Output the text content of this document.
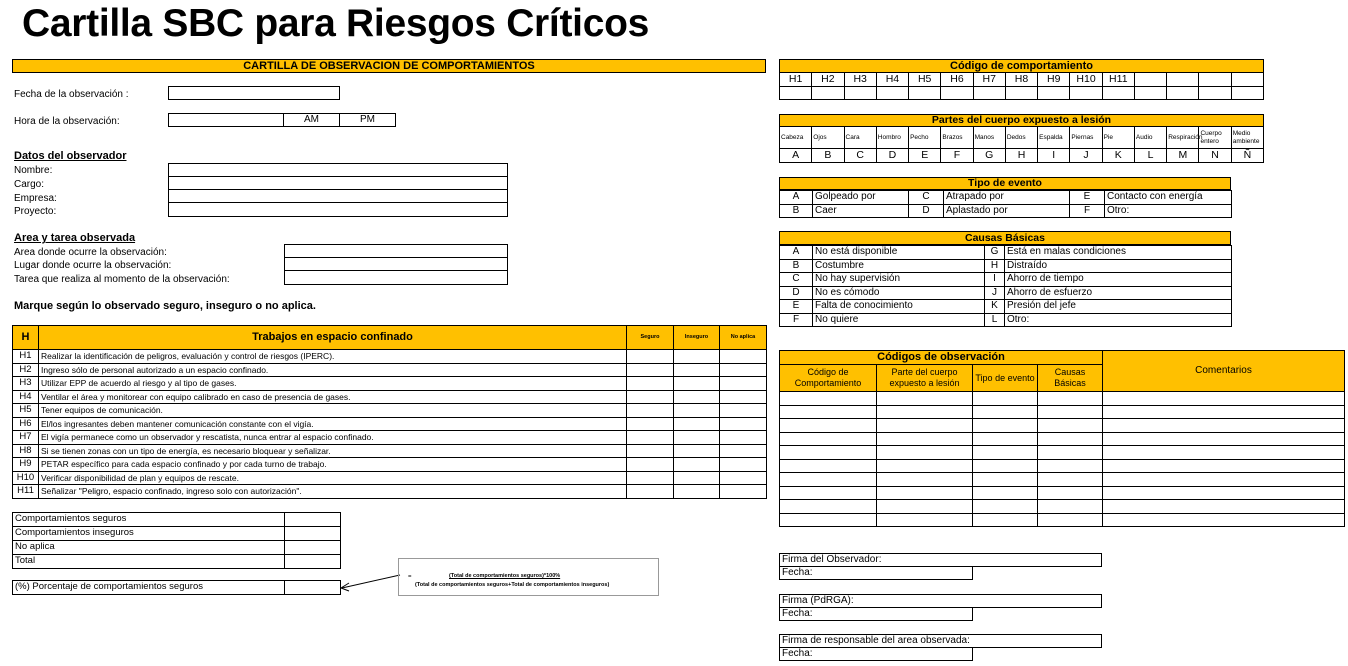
Cartilla SBC para Riesgos Críticos
CARTILLA DE OBSERVACION DE COMPORTAMIENTOS
Fecha de la observación :
Hora de la observación:	AM	PM
Datos del observador
Nombre:
Cargo:
Empresa:
Proyecto:
Area y tarea observada
Area donde ocurre la observación:
Lugar donde ocurre la observación:
Tarea que realiza al momento de la observación:
Marque según lo observado seguro, inseguro o no aplica.
H	Trabajos en espacio confinado	Seguro	Inseguro	No aplica
H1	Realizar la identificación de peligros, evaluación y control de riesgos (IPERC).			
H2	Ingreso sólo de personal autorizado a un espacio confinado.			
H3	Utilizar EPP de acuerdo al riesgo y al tipo de gases.			
H4	Ventilar el área y monitorear con equipo calibrado en caso de presencia de gases.			
H5	Tener equipos de comunicación.			
H6	El/los ingresantes deben mantener comunicación constante con el vigía.			
H7	El vigía permanece como un observador y rescatista, nunca entrar al espacio confinado.			
H8	Si se tienen zonas con un tipo de energía, es necesario bloquear y señalizar.			
H9	PETAR específico para cada espacio confinado y por cada turno de trabajo.			
H10	Verificar disponibilidad de plan y equipos de rescate.			
H11	Señalizar "Peligro, espacio confinado, ingreso solo con autorización".			
Comportamientos seguros	
Comportamientos inseguros	
No aplica	
Total	
(%) Porcentaje de comportamientos seguros	
=	(Total de comportamientos seguros)*100%
(Total de comportamientos seguros+Total de comportamientos inseguros)
Código de comportamiento
H1	H2	H3	H4	H5	H6	H7	H8	H9	H10	H11				

Partes del cuerpo expuesto a lesión
Cabeza	Ojos	Cara	Hombro	Pecho	Brazos	Manos	Dedos	Espalda	Piernas	Pie	Audio	Respiración	Cuerpo entero	Medio ambiente
A	B	C	D	E	F	G	H	I	J	K	L	M	N	Ñ
Tipo de evento
A	Golpeado por	C	Atrapado por	E	Contacto con energía
B	Caer	D	Aplastado por	F	Otro:
Causas Básicas
A	No está disponible	G	Está en malas condiciones
B	Costumbre	H	Distraído
C	No hay supervisión	I	Ahorro de tiempo
D	No es cómodo	J	Ahorro de esfuerzo
E	Falta de conocimiento	K	Presión del jefe
F	No quiere	L	Otro:
Códigos de observación				Comentarios
Código de Comportamiento	Parte del cuerpo expuesto a lesión	Tipo de evento	Causas Básicas	

Firma del Observador:
Fecha:
Firma (PdRGA):
Fecha:
Firma de responsable del area observada:
Fecha:
